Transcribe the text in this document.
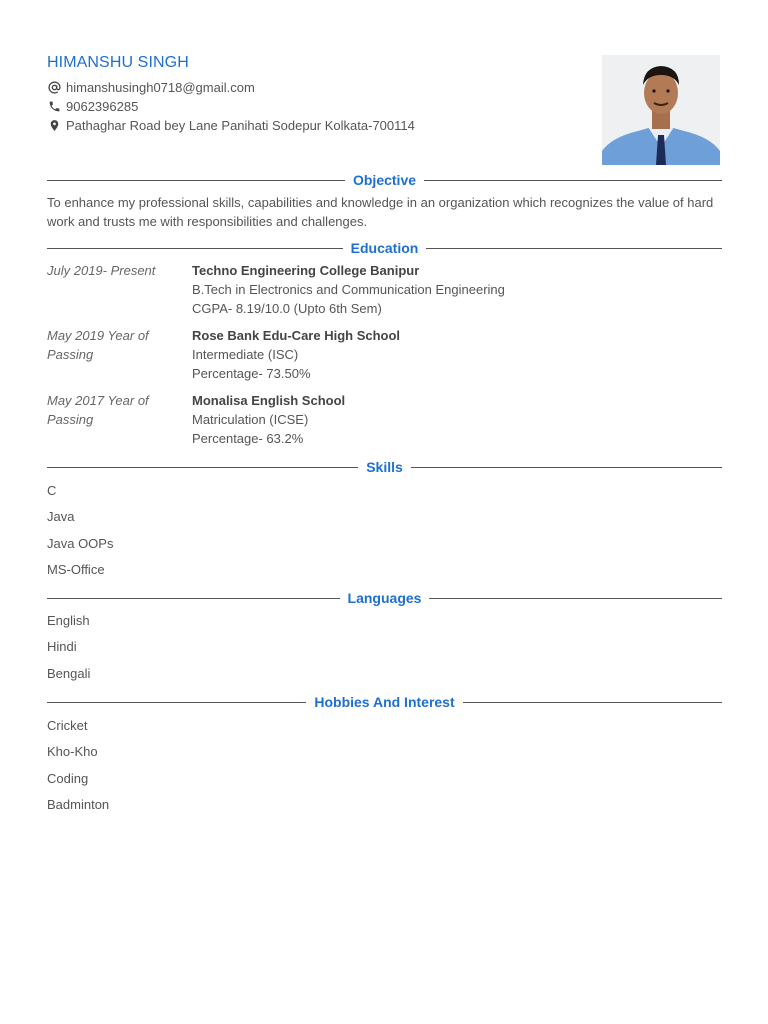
HIMANSHU SINGH
himanshusingh0718@gmail.com
9062396285
Pathaghar Road bey Lane Panihati Sodepur Kolkata-700114
Objective
To enhance my professional skills, capabilities and knowledge in an organization which recognizes the value of hard work and trusts me with responsibilities and challenges.
Education
July 2019- Present	Techno Engineering College Banipur
B.Tech in Electronics and Communication Engineering
CGPA- 8.19/10.0 (Upto 6th Sem)
May 2019 Year of Passing
Rose Bank Edu-Care High School
Intermediate (ISC)
Percentage- 73.50%
May 2017 Year of Passing
Monalisa English School
Matriculation (ICSE)
Percentage- 63.2%
Skills
C
Java
Java OOPs
MS-Office
Languages
English
Hindi
Bengali
Hobbies And Interest
Cricket
Kho-Kho
Coding
Badminton
